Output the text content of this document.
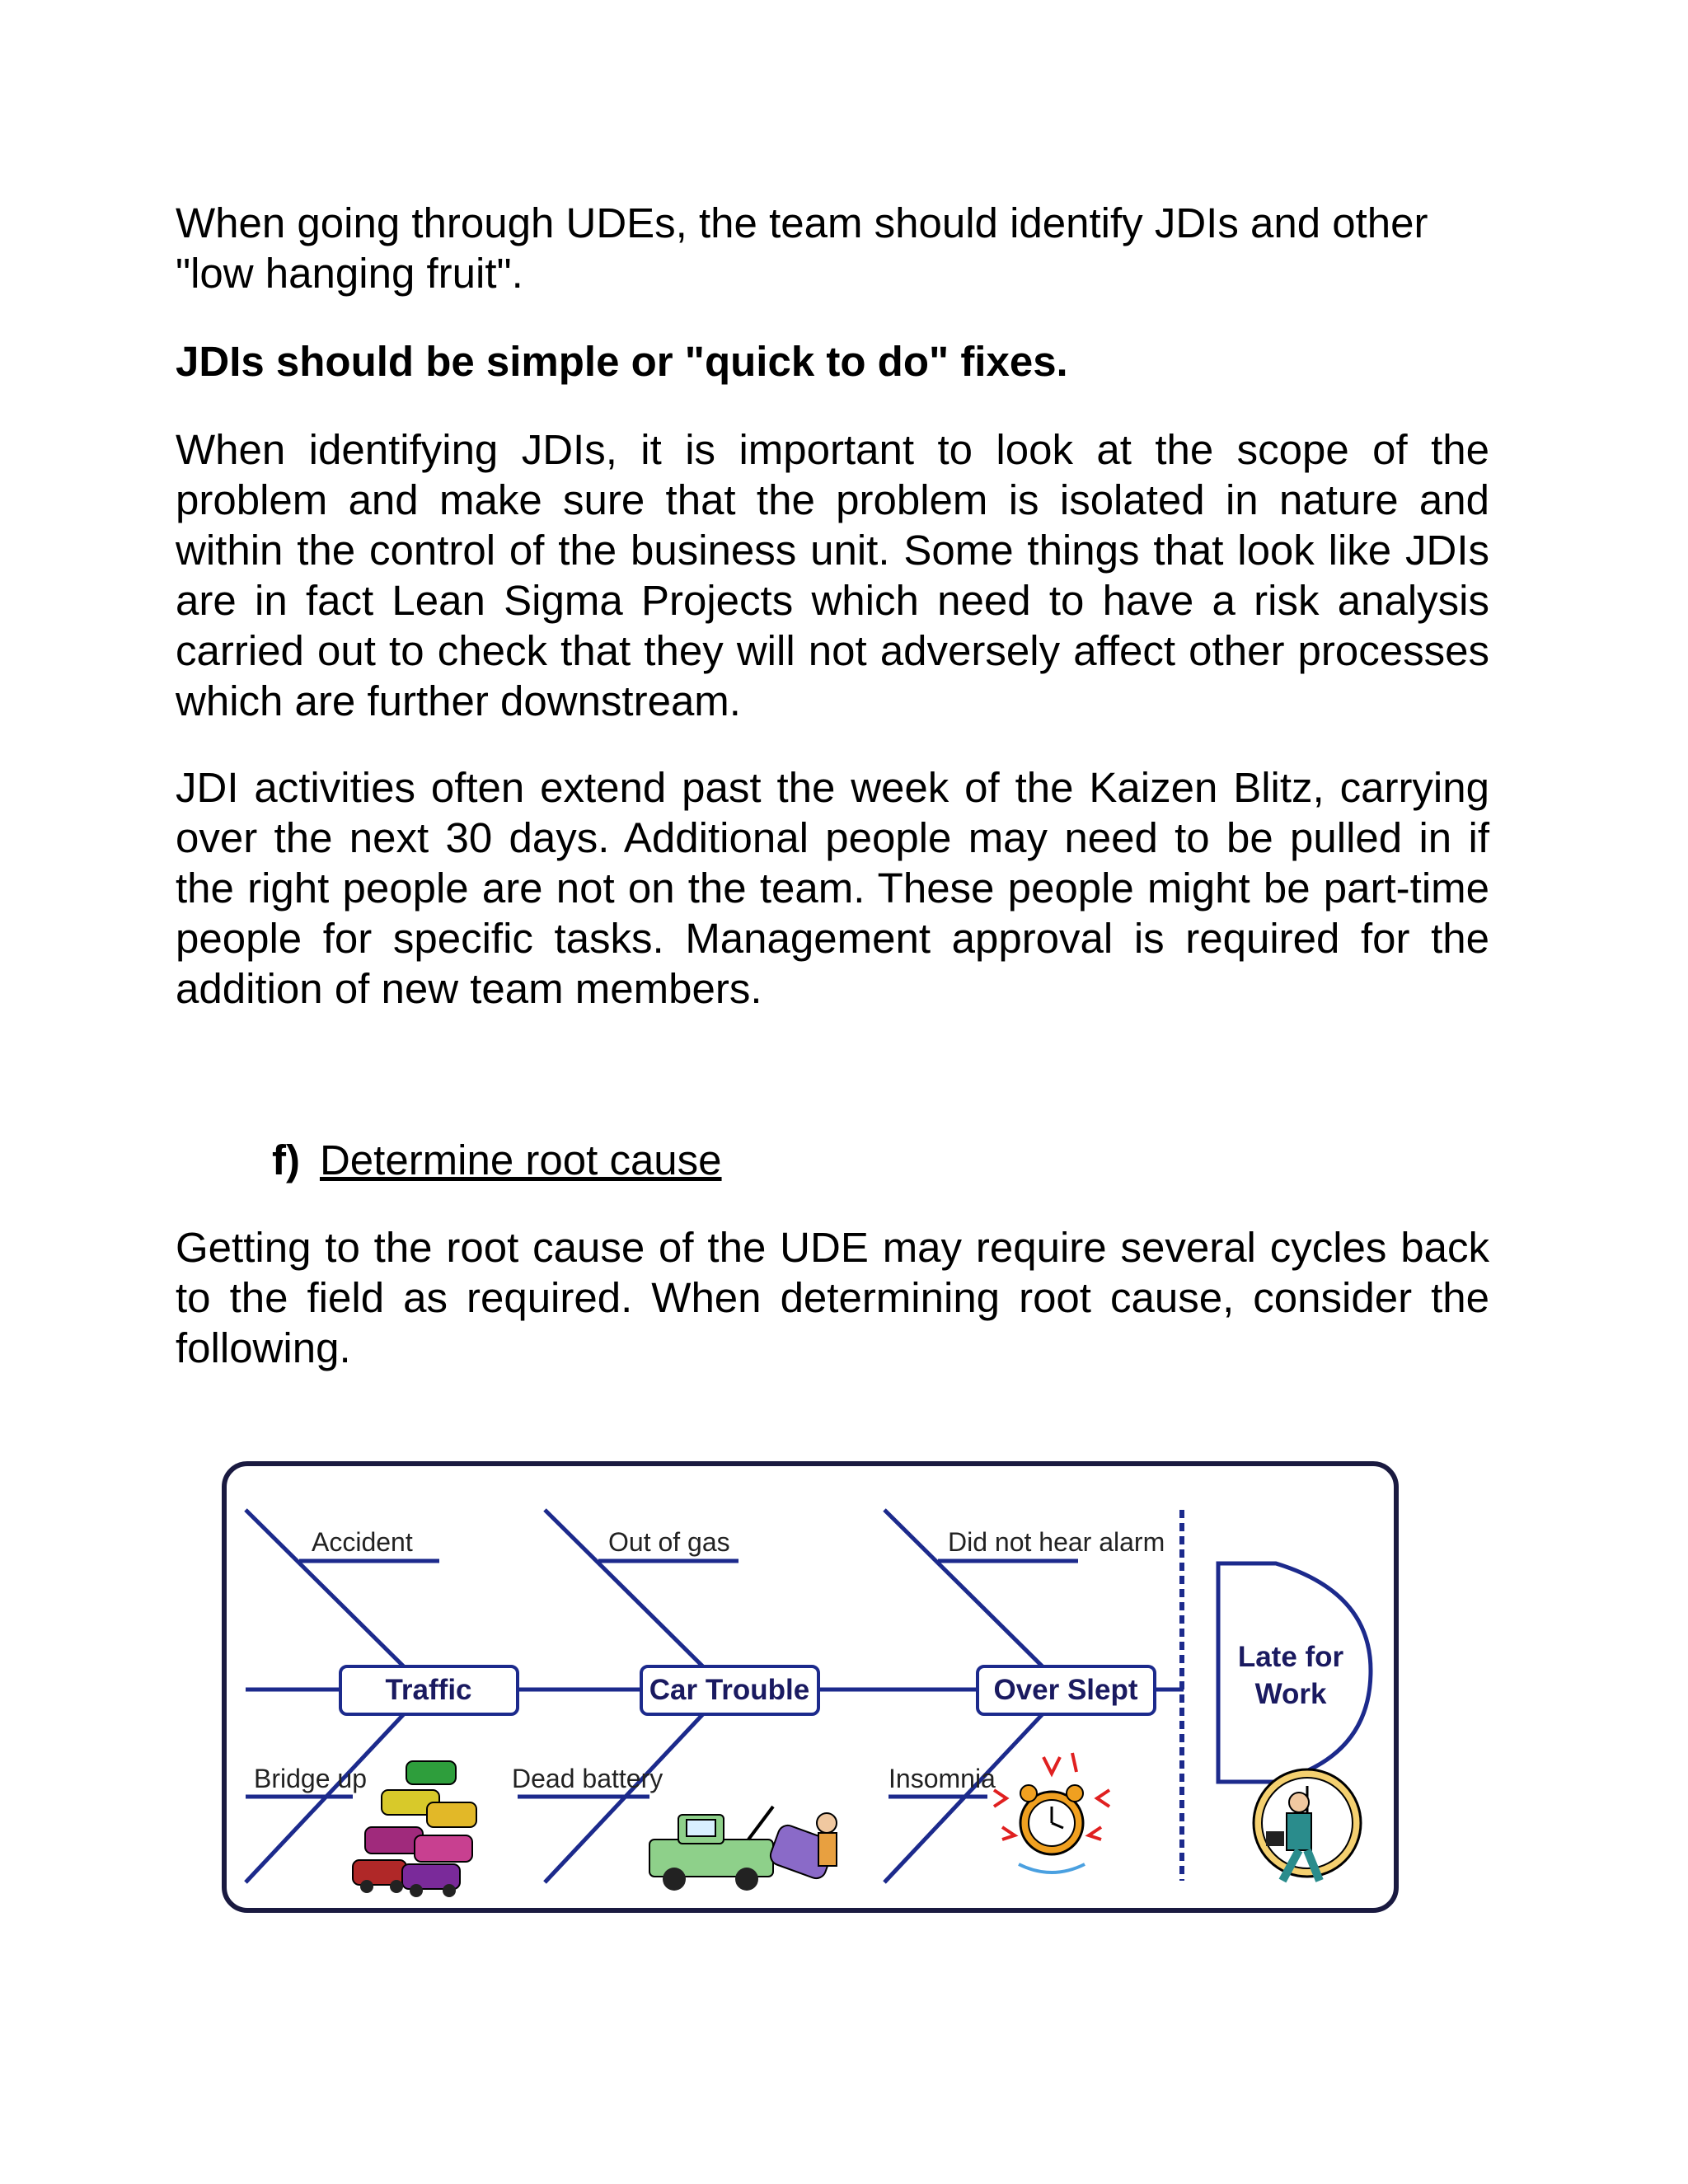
When going through UDEs, the team should identify JDIs and other "low hanging fruit".

JDIs should be simple or "quick to do" fixes.

When identifying JDIs, it is important to look at the scope of the problem and make sure that the problem is isolated in nature and within the control of the business unit. Some things that look like JDIs are in fact Lean Sigma Projects which need to have a risk analysis carried out to check that they will not adversely affect other processes which are further downstream.

JDI activities often extend past the week of the Kaizen Blitz, carrying over the next 30 days. Additional people may need to be pulled in if the right people are not on the team. These people might be part-time people for specific tasks. Management approval is required for the addition of new team members.

f) Determine root cause

Getting to the root cause of the UDE may require several cycles back to the field as required. When determining root cause, consider the following.

Accident
Bridge up
Traffic
Out of gas
Dead battery
Car Trouble
Did not hear alarm
Insomnia
Over Slept
Late for
Work
